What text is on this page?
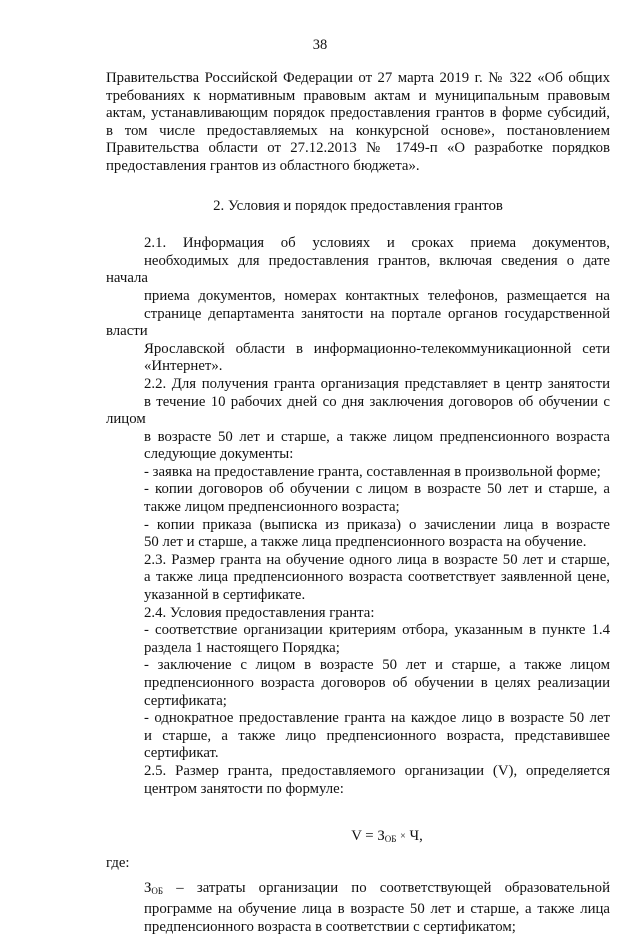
38

Правительства Российской Федерации от 27 марта 2019 г. № 322 «Об общих
требованиях к нормативным правовым актам и муниципальным правовым
актам, устанавливающим порядок предоставления грантов в форме субсидий,
в том числе предоставляемых на конкурсной основе», постановлением
Правительства области от 27.12.2013 № 1749-п «О разработке порядков
предоставления грантов из областного бюджета».

2. Условия и порядок предоставления грантов

2.1. Информация об условиях и сроках приема документов,
необходимых для предоставления грантов, включая сведения о дате начала
приема документов, номерах контактных телефонов, размещается на
странице департамента занятости на портале органов государственной власти
Ярославской области в информационно-телекоммуникационной сети
«Интернет».

2.2. Для получения гранта организация представляет в центр занятости
в течение 10 рабочих дней со дня заключения договоров об обучении с лицом
в возрасте 50 лет и старше, а также лицом предпенсионного возраста
следующие документы:

- заявка на предоставление гранта, составленная в произвольной форме;

- копии договоров об обучении с лицом в возрасте 50 лет и старше, а
также лицом предпенсионного возраста;

- копии приказа (выписка из приказа) о зачислении лица в возрасте
50 лет и старше, а также лица предпенсионного возраста на обучение.

2.3. Размер гранта на обучение одного лица в возрасте 50 лет и старше,
а также лица предпенсионного возраста соответствует заявленной цене,
указанной в сертификате.

2.4. Условия предоставления гранта:

- соответствие организации критериям отбора, указанным в пункте 1.4
раздела 1 настоящего Порядка;

- заключение с лицом в возрасте 50 лет и старше, а также лицом
предпенсионного возраста договоров об обучении в целях реализации
сертификата;

- однократное предоставление гранта на каждое лицо в возрасте 50 лет
и старше, а также лицо предпенсионного возраста, представившее
сертификат.

2.5. Размер гранта, предоставляемого организации (V), определяется
центром занятости по формуле:

$V = З_{ОБ} \times Ч$,

где:

$З_{ОБ}$ – затраты организации по соответствующей образовательной
программе на обучение лица в возрасте 50 лет и старше, а также лица
предпенсионного возраста в соответствии с сертификатом;
